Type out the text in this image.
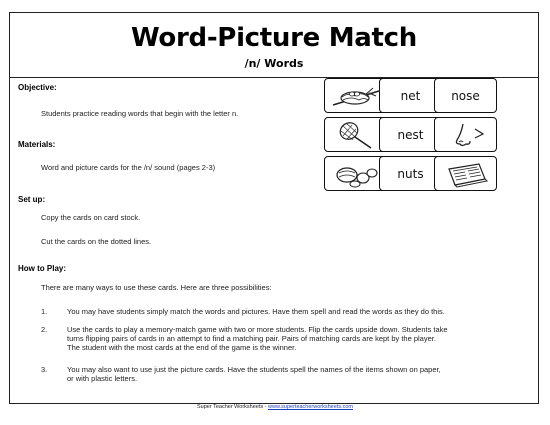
Word-Picture Match
/n/ Words
Objective:
Students practice reading words that begin with the letter n.
Materials:
Word and picture cards for the /n/ sound (pages 2-3)
Set up:
Copy the cards on card stock.
Cut the cards on the dotted lines.
How to Play:
There are many ways to use these cards. Here are three possibilities:
1.	You may have students simply match the words and pictures. Have them spell and read the words as they do this.
2.	Use the cards to play a memory-match game with two or more students. Flip the cards upside down. Students take
turns flipping pairs of cards in an attempt to find a matching pair. Pairs of matching cards are kept by the player.
The student with the most cards at the end of the game is the winner.
3.	You may also want to use just the picture cards. Have the students spell the names of the items shown on paper,
or with plastic letters.
net	nose
nest
nuts
Super Teacher Worksheets - www.superteacherworksheets.com
